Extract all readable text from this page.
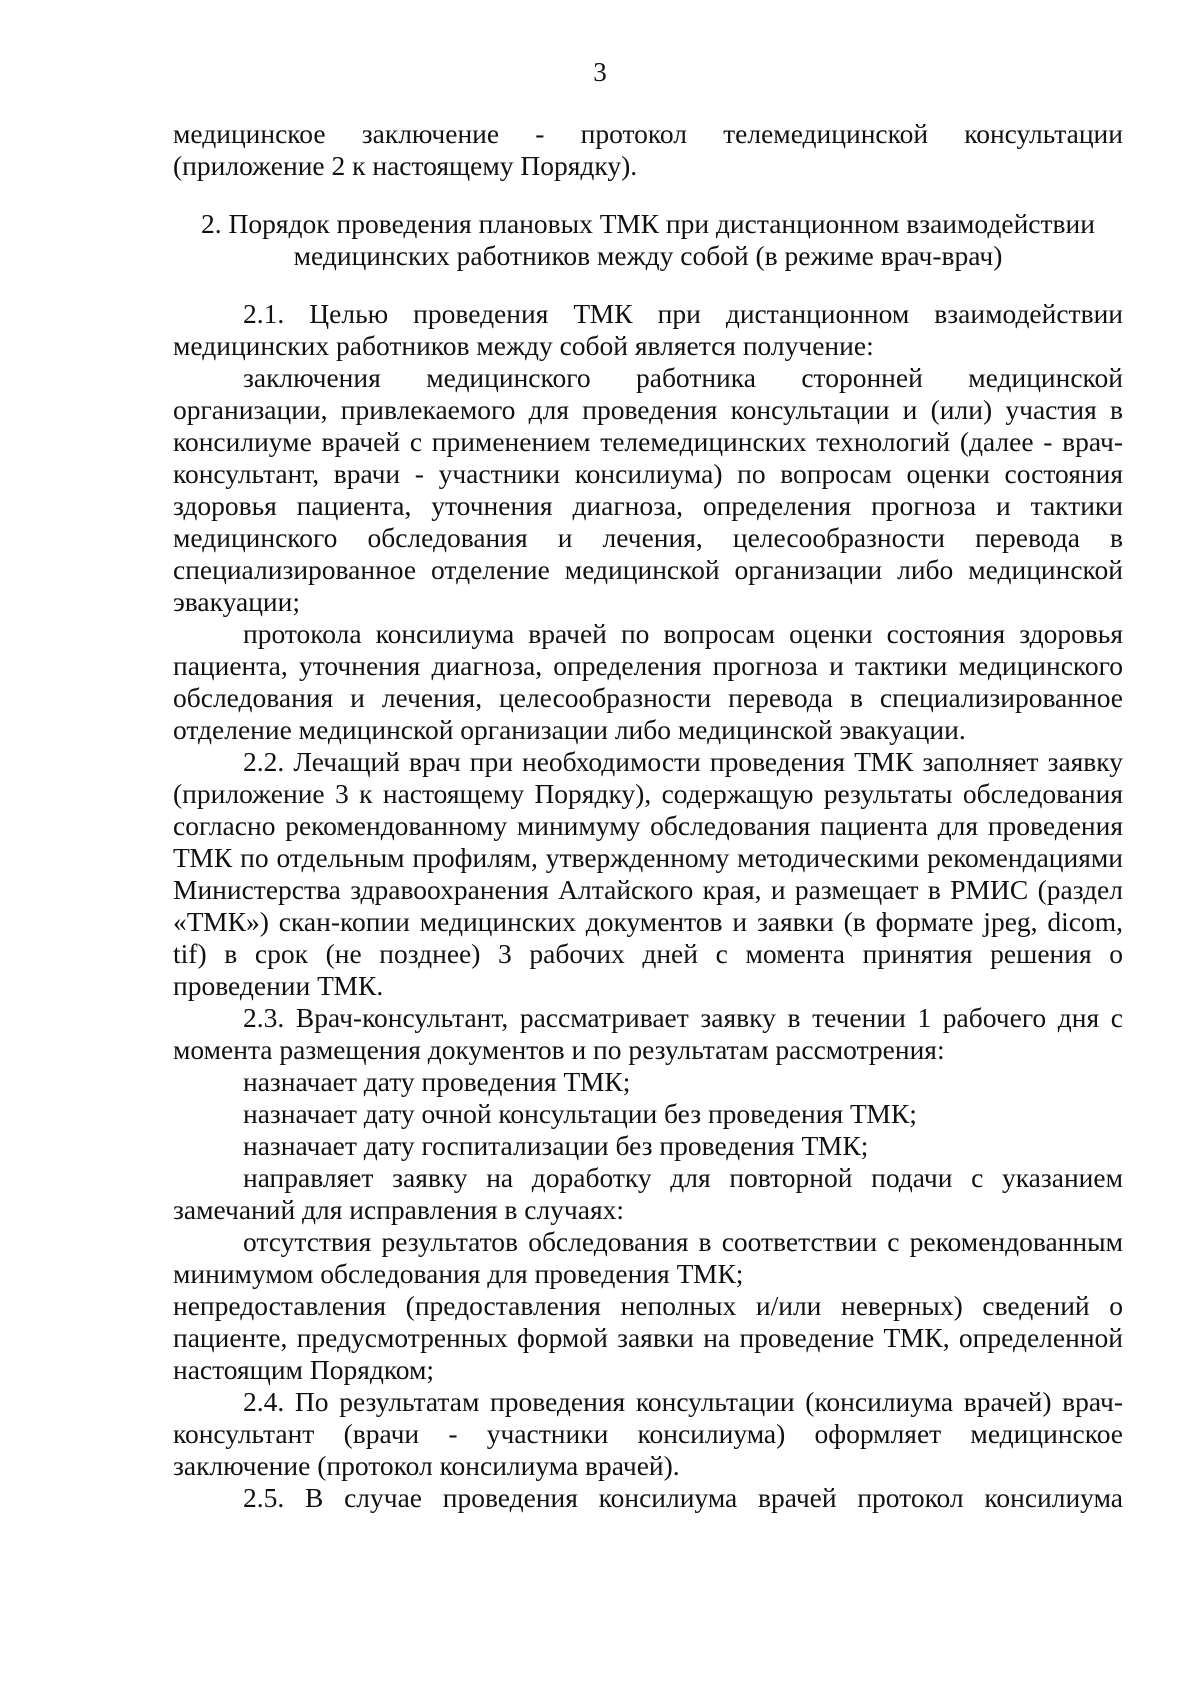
3

медицинское заключение - протокол телемедицинской консультации (приложение 2 к настоящему Порядку).

2. Порядок проведения плановых ТМК при дистанционном взаимодействии медицинских работников между собой (в режиме врач-врач)

2.1. Целью проведения ТМК при дистанционном взаимодействии медицинских работников между собой является получение:

заключения медицинского работника сторонней медицинской организации, привлекаемого для проведения консультации и (или) участия в консилиуме врачей с применением телемедицинских технологий (далее - врач-консультант, врачи - участники консилиума) по вопросам оценки состояния здоровья пациента, уточнения диагноза, определения прогноза и тактики медицинского обследования и лечения, целесообразности перевода в специализированное отделение медицинской организации либо медицинской эвакуации;

протокола консилиума врачей по вопросам оценки состояния здоровья пациента, уточнения диагноза, определения прогноза и тактики медицинского обследования и лечения, целесообразности перевода в специализированное отделение медицинской организации либо медицинской эвакуации.

2.2. Лечащий врач при необходимости проведения ТМК заполняет заявку (приложение 3 к настоящему Порядку), содержащую результаты обследования согласно рекомендованному минимуму обследования пациента для проведения ТМК по отдельным профилям, утвержденному методическими рекомендациями Министерства здравоохранения Алтайского края, и размещает в РМИС (раздел «ТМК») скан-копии медицинских документов и заявки (в формате jpeg, dicom, tif) в срок (не позднее) 3 рабочих дней с момента принятия решения о проведении ТМК.

2.3. Врач-консультант, рассматривает заявку в течении 1 рабочего дня с момента размещения документов и по результатам рассмотрения:

назначает дату проведения ТМК;

назначает дату очной консультации без проведения ТМК;

назначает дату госпитализации без проведения ТМК;

направляет заявку на доработку для повторной подачи с указанием замечаний для исправления в случаях:

отсутствия результатов обследования в соответствии с рекомендованным минимумом обследования для проведения ТМК;

непредоставления (предоставления неполных и/или неверных) сведений о пациенте, предусмотренных формой заявки на проведение ТМК, определенной настоящим Порядком;

2.4. По результатам проведения консультации (консилиума врачей) врач-консультант (врачи - участники консилиума) оформляет медицинское заключение (протокол консилиума врачей).

2.5. В случае проведения консилиума врачей протокол консилиума
